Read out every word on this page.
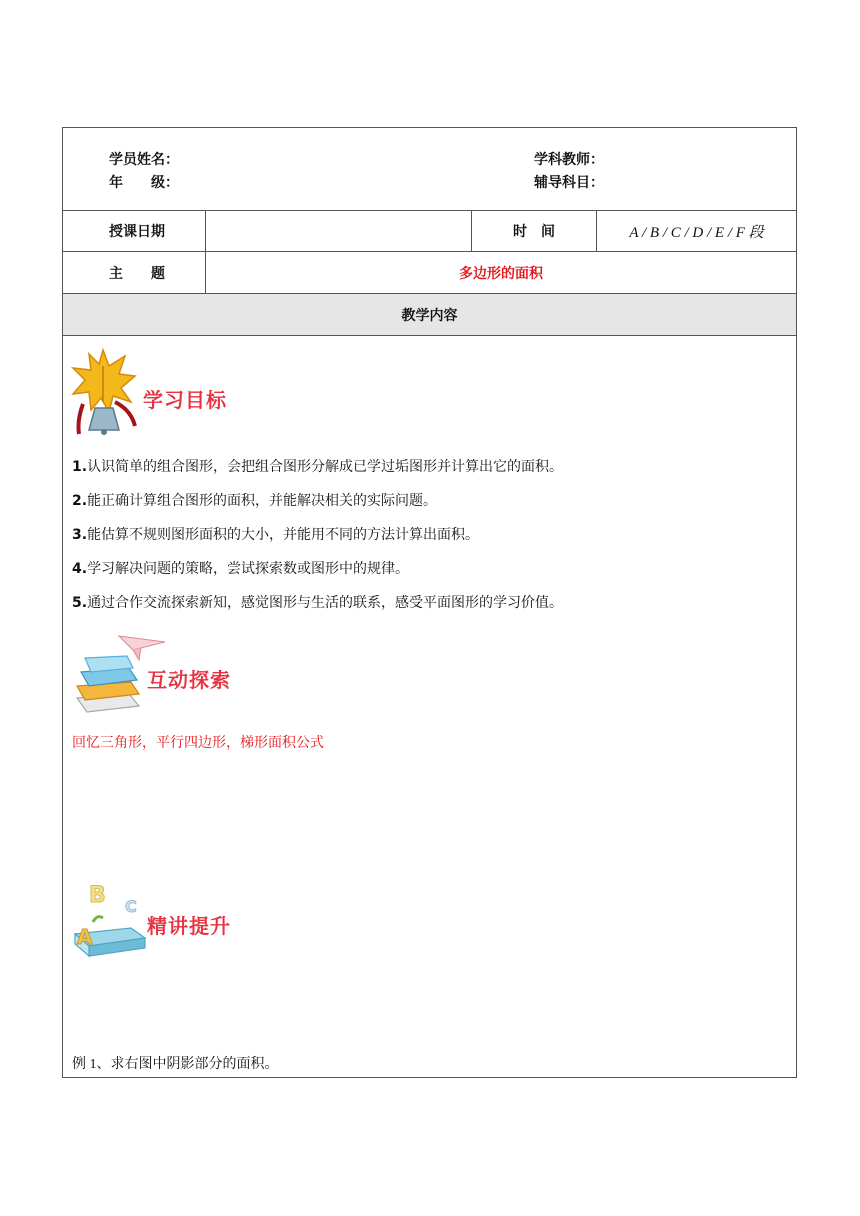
学员姓名：
年　　级：
学科教师：
辅导科目：
授课日期	时　间	A / B / C / D / E / F 段
主　　题	多边形的面积
教学内容
学习目标
1.认识简单的组合图形，会把组合图形分解成已学过垢图形并计算出它的面积。
2.能正确计算组合图形的面积，并能解决相关的实际问题。
3.能估算不规则图形面积的大小，并能用不同的方法计算出面积。
4.学习解决问题的策略，尝试探索数或图形中的规律。
5.通过合作交流探索新知，感觉图形与生活的联系，感受平面图形的学习价值。
互动探索
回忆三角形，平行四边形，梯形面积公式
B C
A	精讲提升
例 1、求右图中阴影部分的面积。
